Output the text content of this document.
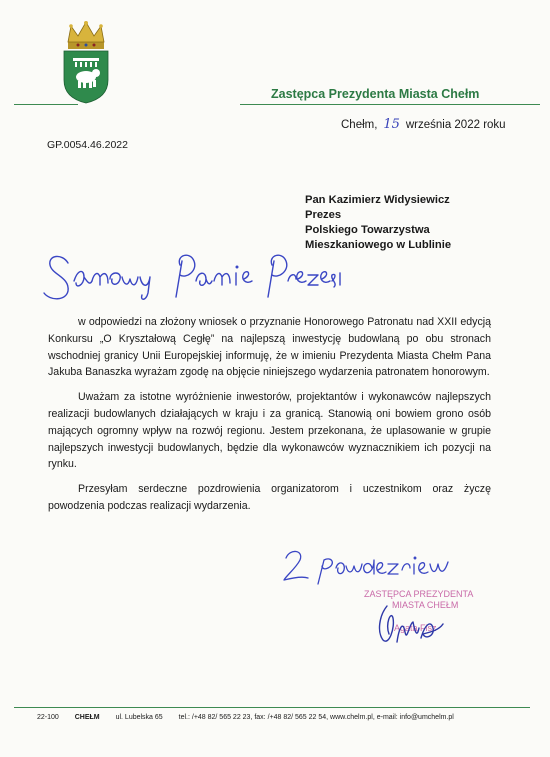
Zastępca Prezydenta Miasta Chełm
Chełm, 15 września 2022 roku
GP.0054.46.2022
Pan Kazimierz Widysiewicz
Prezes
Polskiego Towarzystwa
Mieszkaniowego w Lublinie

w odpowiedzi na złożony wniosek o przyznanie Honorowego Patronatu nad XXII edycją Konkursu „O Kryształową Cegłę” na najlepszą inwestycję budowlaną po obu stronach wschodniej granicy Unii Europejskiej informuję, że w imieniu Prezydenta Miasta Chełm Pana Jakuba Banaszka wyrażam zgodę na objęcie niniejszego wydarzenia patronatem honorowym.

Uważam za istotne wyróżnienie inwestorów, projektantów i wykonawców najlepszych realizacji budowlanych działających w kraju i za granicą. Stanowią oni bowiem grono osób mających ogromny wpływ na rozwój regionu. Jestem przekonana, że uplasowanie w grupie najlepszych inwestycji budowlanych, będzie dla wykonawców wyznacznikiem ich pozycji na rynku.

Przesyłam serdeczne pozdrowienia organizatorom i uczestnikom oraz życzę powodzenia podczas realizacji wydarzenia.

ZASTĘPCA PREZYDENTA
MIASTA CHEŁM
Agata Fisz
22-100 CHEŁM ul. Lubelska 65 tel.: /+48 82/ 565 22 23, fax: /+48 82/ 565 22 54, www.chelm.pl, e-mail: info@umchelm.pl
